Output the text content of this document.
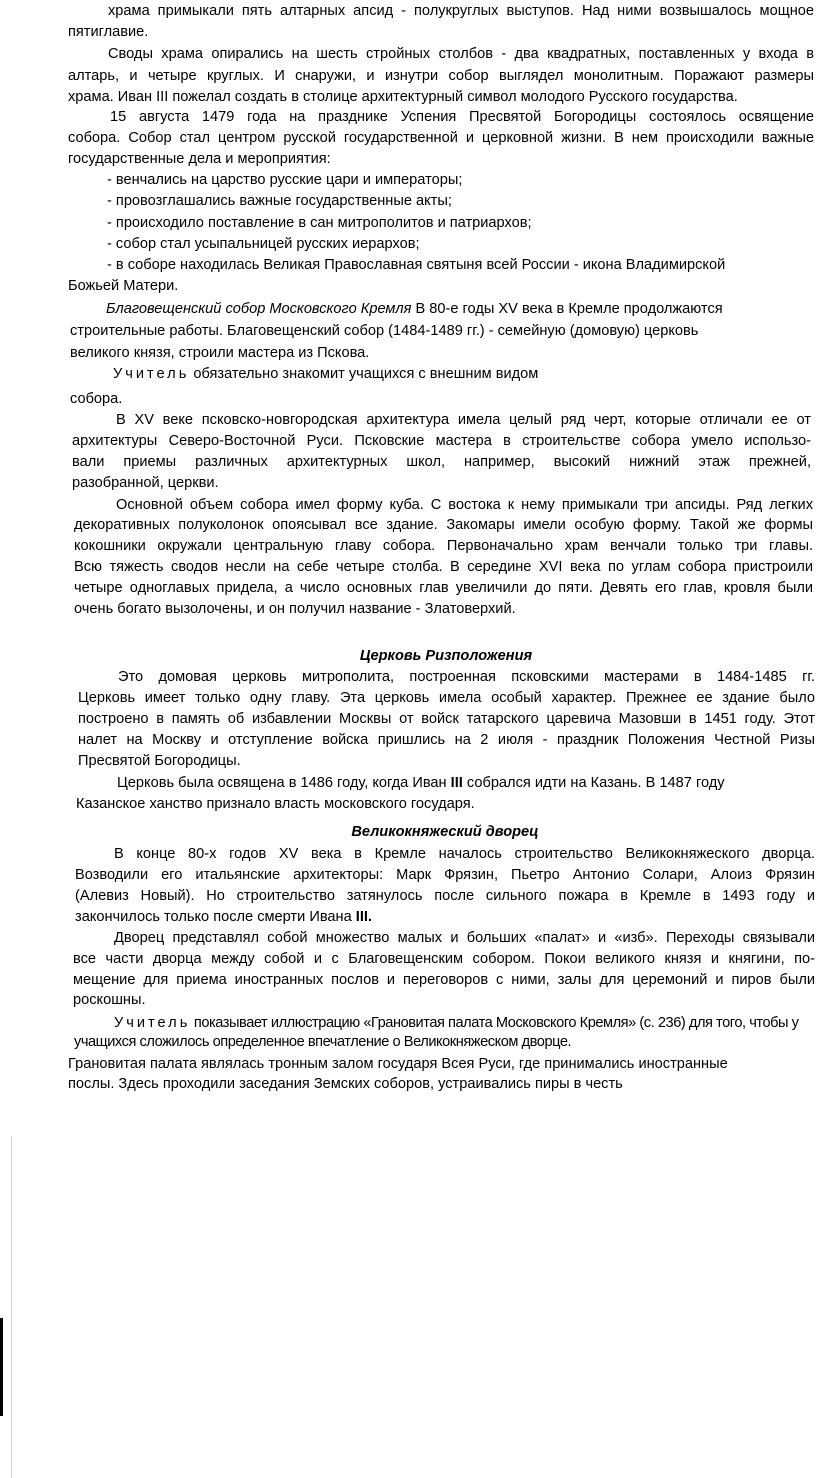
храма примыкали пять алтарных апсид - полукруглых выступов. Над ними возвышалось мощное

пятиглавие.

Своды храма опирались на шесть стройных столбов - два квадратных, поставленных у входа в

алтарь, и четыре круглых. И снаружи, и изнутри собор выглядел монолитным. Поражают размеры

храма. Иван III пожелал создать в столице архитектурный символ молодого Русского государства.

15 августа 1479 года на празднике Успения Пресвятой Богородицы состоялось освящение

собора. Собор стал центром русской государственной и церковной жизни. В нем происходили важные

государственные дела и мероприятия:

- венчались на царство русские цари и императоры;

- провозглашались важные государственные акты;

- происходило поставление в сан митрополитов и патриархов;

- собор стал усыпальницей русских иерархов;

- в соборе находилась Великая Православная святыня всей России - икона Владимирской

Божьей Матери.

Благовещенский собор Московского Кремля В 80-е годы XV века в Кремле продолжаются

строительные работы. Благовещенский собор (1484-1489 гг.) - семейную (домовую) церковь

великого князя, строили мастера из Пскова.

Учитель обязательно знакомит учащихся с внешним видом

собора.

В XV веке псковско-новгородская архитектура имела целый ряд черт, которые отличали ее от

архитектуры Северо-Восточной Руси. Псковские мастера в строительстве собора умело использо-

вали приемы различных архитектурных школ, например, высокий нижний этаж прежней,

разобранной, церкви.

Основной объем собора имел форму куба. С востока к нему примыкали три апсиды. Ряд легких

декоративных полуколонок опоясывал все здание. Закомары имели особую форму. Такой же формы

кокошники окружали центральную главу собора. Первоначально храм венчали только три главы.

Всю тяжесть сводов несли на себе четыре столба. В середине XVI века по углам собора пристроили

четыре одноглавых придела, а число основных глав увеличили до пяти. Девять его глав, кровля были

очень богато вызолочены, и он получил название - Златоверхий.

Церковь Ризположения

Это домовая церковь митрополита, построенная псковскими мастерами в 1484-1485 гг.

Церковь имеет только одну главу. Эта церковь имела особый характер. Прежнее ее здание было

построено в память об избавлении Москвы от войск татарского царевича Мазовши в 1451 году. Этот

налет на Москву и отступление войска пришлись на 2 июля - праздник Положения Честной Ризы

Пресвятой Богородицы.

Церковь была освящена в 1486 году, когда Иван III собрался идти на Казань. В 1487 году

Казанское ханство признало власть московского государя.

Великокняжеский дворец

В конце 80-х годов XV века в Кремле началось строительство Великокняжеского дворца.

Возводили его итальянские архитекторы: Марк Фрязин, Пьетро Антонио Солари, Алоиз Фрязин

(Алевиз Новый). Но строительство затянулось после сильного пожара в Кремле в 1493 году и

закончилось только после смерти Ивана III.

Дворец представлял собой множество малых и больших «палат» и «изб». Переходы связывали

все части дворца между собой и с Благовещенским собором. Покои великого князя и княгини, по-

мещение для приема иностранных послов и переговоров с ними, залы для церемоний и пиров были

роскошны.

Учитель показывает иллюстрацию «Грановитая палата Московского Кремля» (с. 236) для того, чтобы у

учащихся сложилось определенное впечатление о Великокняжеском дворце.

Грановитая палата являлась тронным залом государя Всея Руси, где принимались иностранные

послы. Здесь проходили заседания Земских соборов, устраивались пиры в честь
